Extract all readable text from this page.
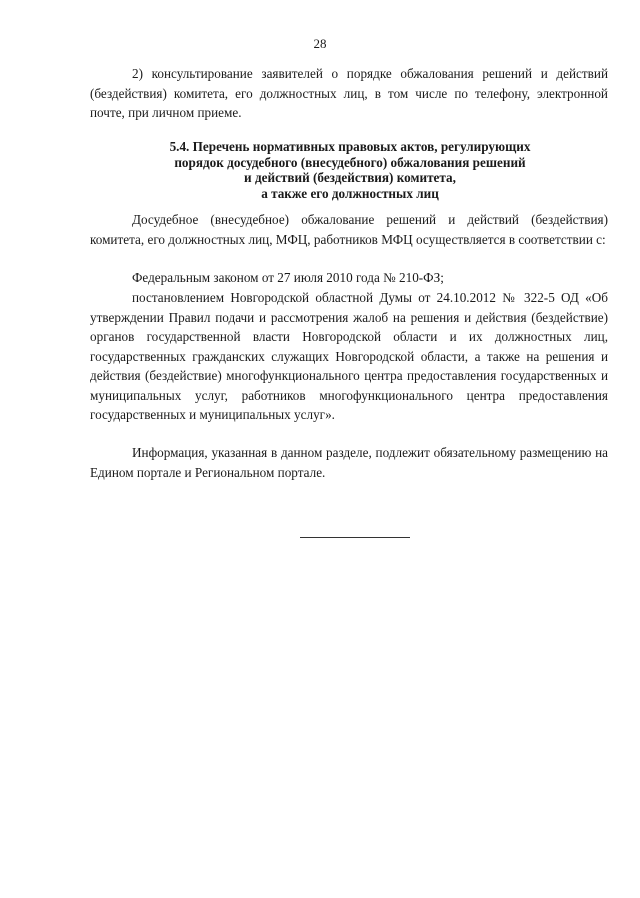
28

2) консультирование заявителей о порядке обжалования решений и действий (бездействия) комитета, его должностных лиц, в том числе по телефону, электронной почте, при личном приеме.

5.4. Перечень нормативных правовых актов, регулирующих
порядок досудебного (внесудебного) обжалования решений
и действий (бездействия) комитета,
а также его должностных лиц

Досудебное (внесудебное) обжалование решений и действий (бездействия) комитета, его должностных лиц, МФЦ, работников МФЦ осуществляется в соответствии с:

Федеральным законом от 27 июля 2010 года № 210-ФЗ;

постановлением Новгородской областной Думы от 24.10.2012 № 322-5 ОД «Об утверждении Правил подачи и рассмотрения жалоб на решения и действия (бездействие) органов государственной власти Новгородской области и их должностных лиц, государственных гражданских служащих Новгородской области, а также на решения и действия (бездействие) многофункционального центра предоставления государственных и муниципальных услуг, работников многофункционального центра предоставления государственных и муниципальных услуг».

Информация, указанная в данном разделе, подлежит обязательному размещению на Едином портале и Региональном портале.
